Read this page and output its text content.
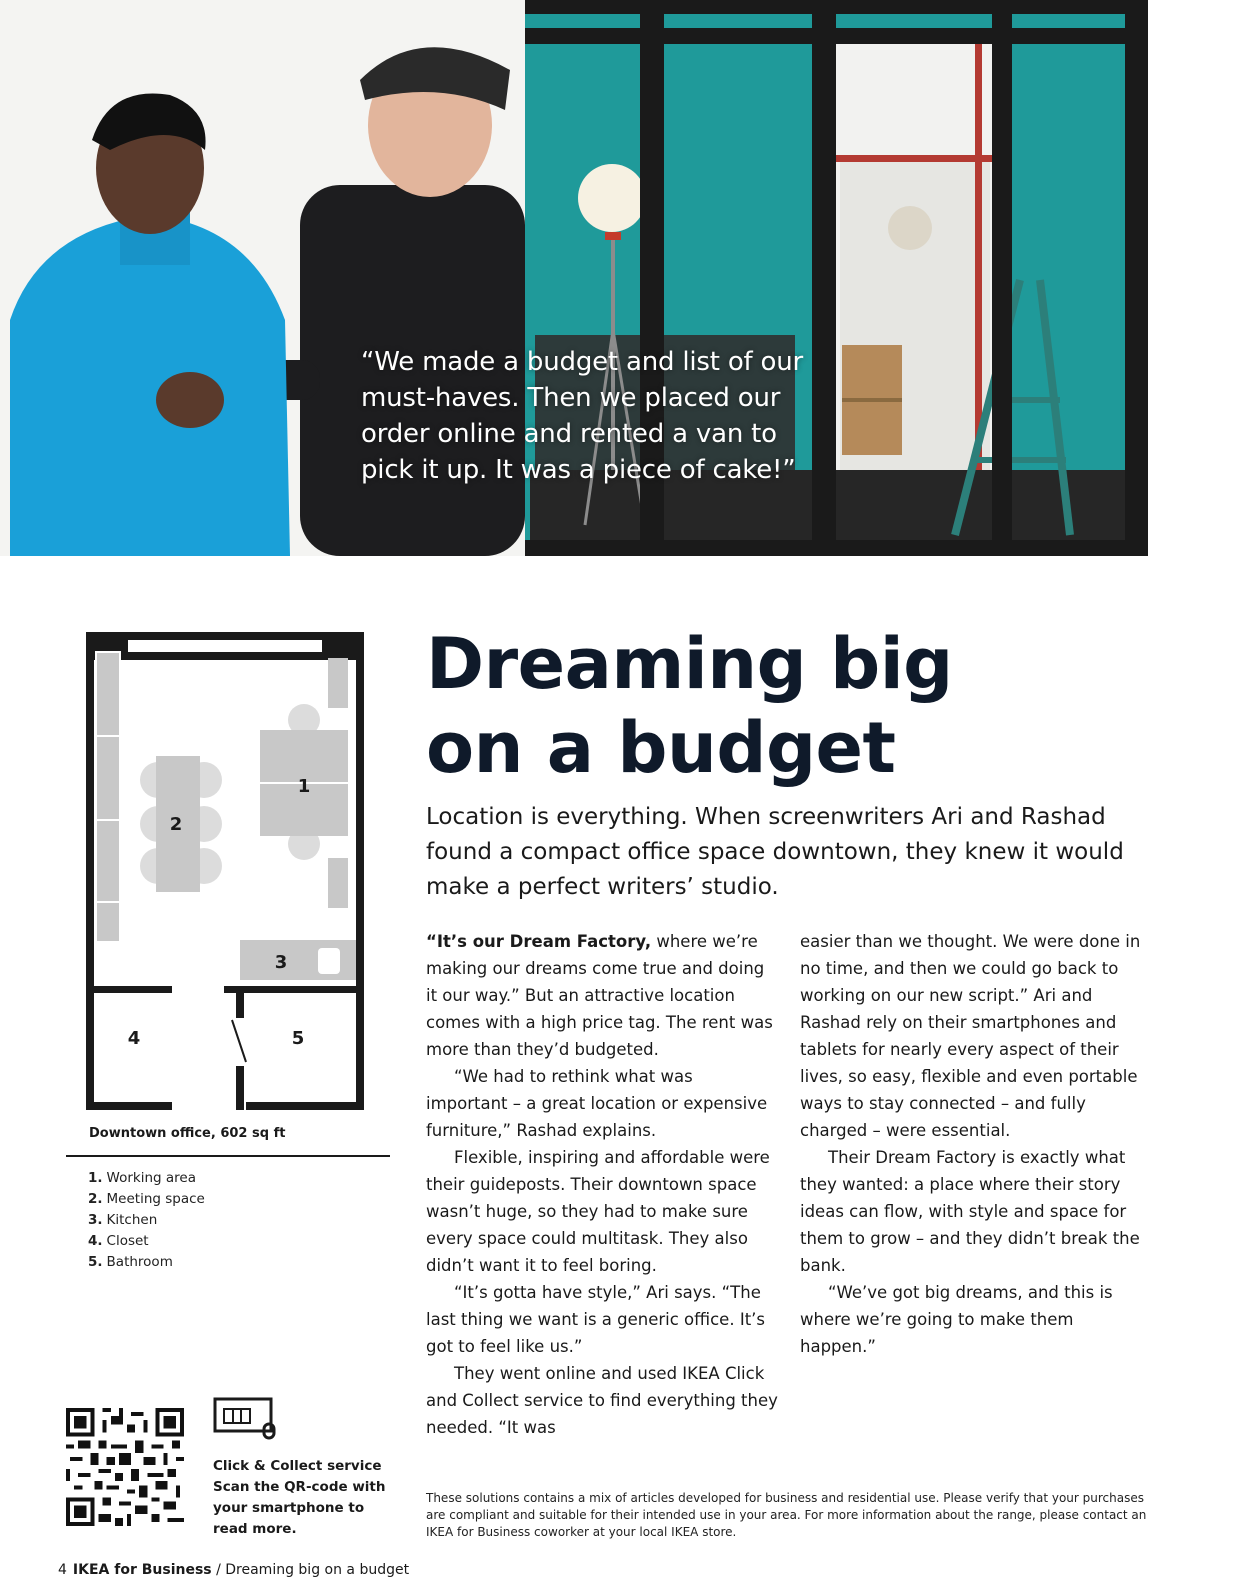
“We made a budget and list of our must-haves. Then we placed our order online and rented a van to pick it up. It was a piece of cake!”
2
1
3
4	5
Downtown office, 602 sq ft
1. Working area
2. Meeting space
3. Kitchen
4. Closet
5. Bathroom
Click & Collect service
Scan the QR-code with your smartphone to read more.
Dreaming big
on a budget
Location is everything. When screenwriters Ari and Rashad found a compact office space downtown, they knew it would make a perfect writers’ studio.

“It’s our Dream Factory, where we’re making our dreams come true and doing it our way.” But an attractive location comes with a high price tag. The rent was more than they’d budgeted.

“We had to rethink what was important – a great location or expensive furniture,” Rashad explains.

Flexible, inspiring and affordable were their guideposts. Their downtown space wasn’t huge, so they had to make sure every space could multitask. They also didn’t want it to feel boring.

“It’s gotta have style,” Ari says. “The last thing we want is a generic office. It’s got to feel like us.”

They went online and used IKEA Click and Collect service to find everything they needed. “It was

easier than we thought. We were done in no time, and then we could go back to working on our new script.” Ari and Rashad rely on their smartphones and tablets for nearly every aspect of their lives, so easy, flexible and even portable ways to stay connected – and fully charged – were essential.

Their Dream Factory is exactly what they wanted: a place where their story ideas can flow, with style and space for them to grow – and they didn’t break the bank.

“We’ve got big dreams, and this is where we’re going to make them happen.”

These solutions contains a mix of articles developed for business and residential use. Please verify that your purchases are compliant and suitable for their intended use in your area. For more information about the range, please contact an IKEA for Business coworker at your local IKEA store.
4 IKEA for Business / Dreaming big on a budget
